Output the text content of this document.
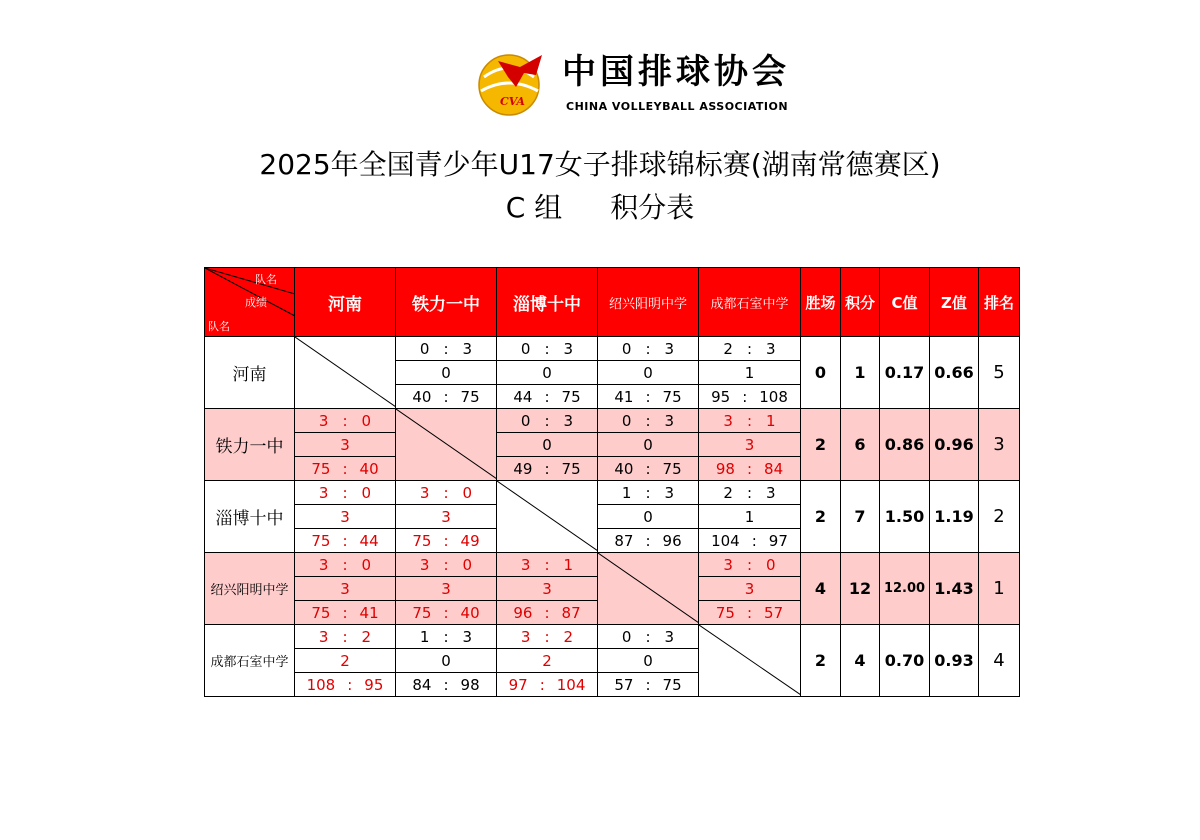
CVA
中国排球协会
CHINA VOLLEYBALL ASSOCIATION
2025年全国青少年U17女子排球锦标赛(湖南常德赛区)
C 组 积分表
队名
成绩
队名	河南	铁力一中	淄博十中	绍兴阳明中学	成都石室中学	胜场	积分	C值	Z值	排名
河南		0 : 3	0 : 3	0 : 3	2 : 3	0	1	0.17	0.66	5
		0	0	0	1					
		40 : 75	44 : 75	41 : 75	95 : 108					
铁力一中	3 : 0		0 : 3	0 : 3	3 : 1	2	6	0.86	0.96	3
	3		0	0	3					
	75 : 40		49 : 75	40 : 75	98 : 84					
淄博十中	3 : 0	3 : 0		1 : 3	2 : 3	2	7	1.50	1.19	2
	3	3		0	1					
	75 : 44	75 : 49		87 : 96	104 : 97					
绍兴阳明中学	3 : 0	3 : 0	3 : 1		3 : 0	4	12	12.00	1.43	1
	3	3	3		3					
	75 : 41	75 : 40	96 : 87		75 : 57					
成都石室中学	3 : 2	1 : 3	3 : 2	0 : 3		2	4	0.70	0.93	4
	2	0	2	0						
	108 : 95	84 : 98	97 : 104	57 : 75						
